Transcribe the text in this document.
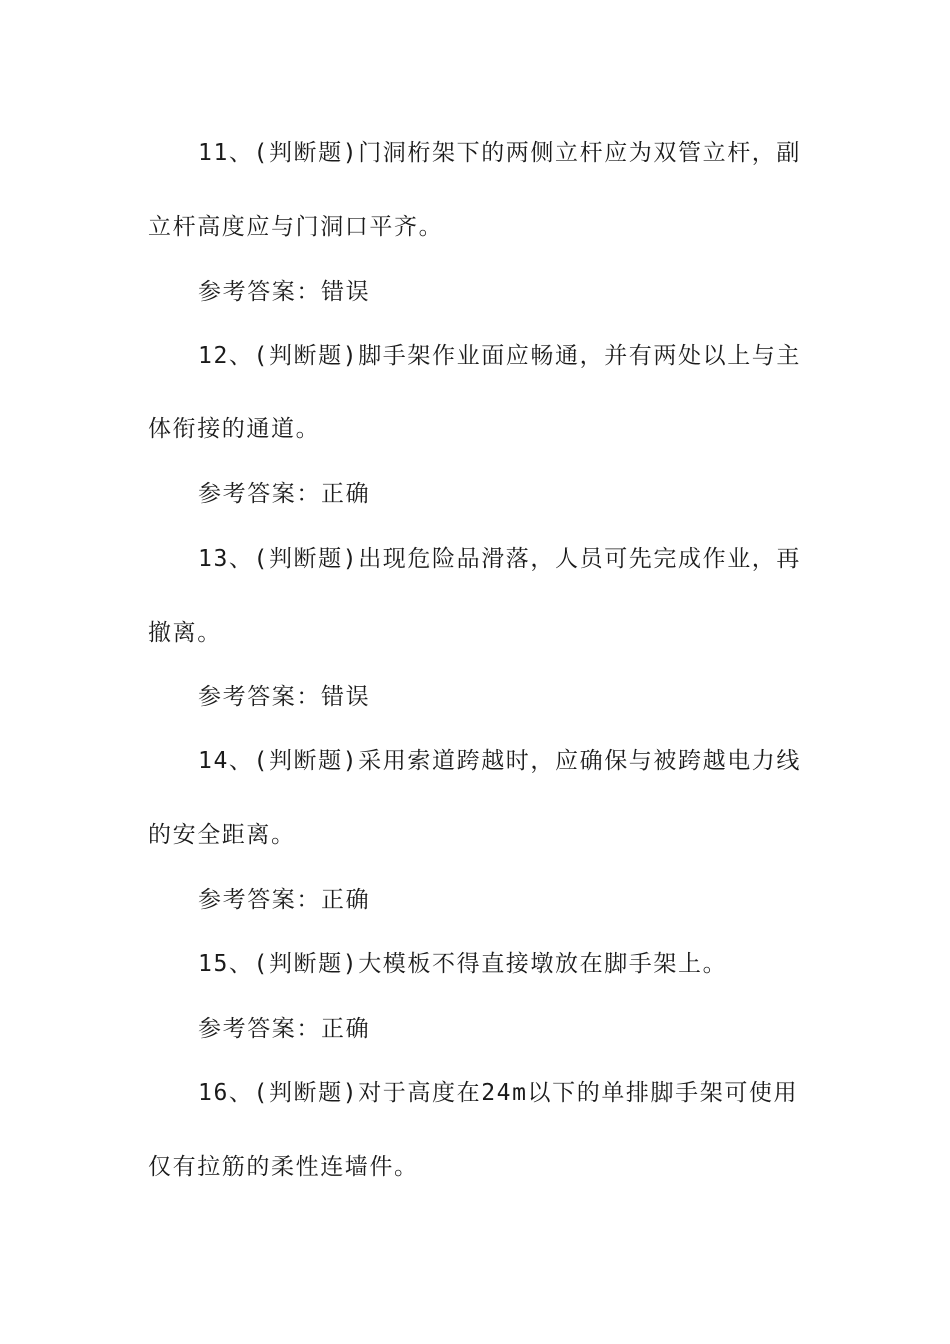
11、(判断题)门洞桁架下的两侧立杆应为双管立杆，副

立杆高度应与门洞口平齐。

参考答案：错误

12、(判断题)脚手架作业面应畅通，并有两处以上与主

体衔接的通道。

参考答案：正确

13、(判断题)出现危险品滑落，人员可先完成作业，再

撤离。

参考答案：错误

14、(判断题)采用索道跨越时，应确保与被跨越电力线

的安全距离。

参考答案：正确

15、(判断题)大模板不得直接墩放在脚手架上。

参考答案：正确

16、(判断题)对于高度在24m以下的单排脚手架可使用

仅有拉筋的柔性连墙件。
